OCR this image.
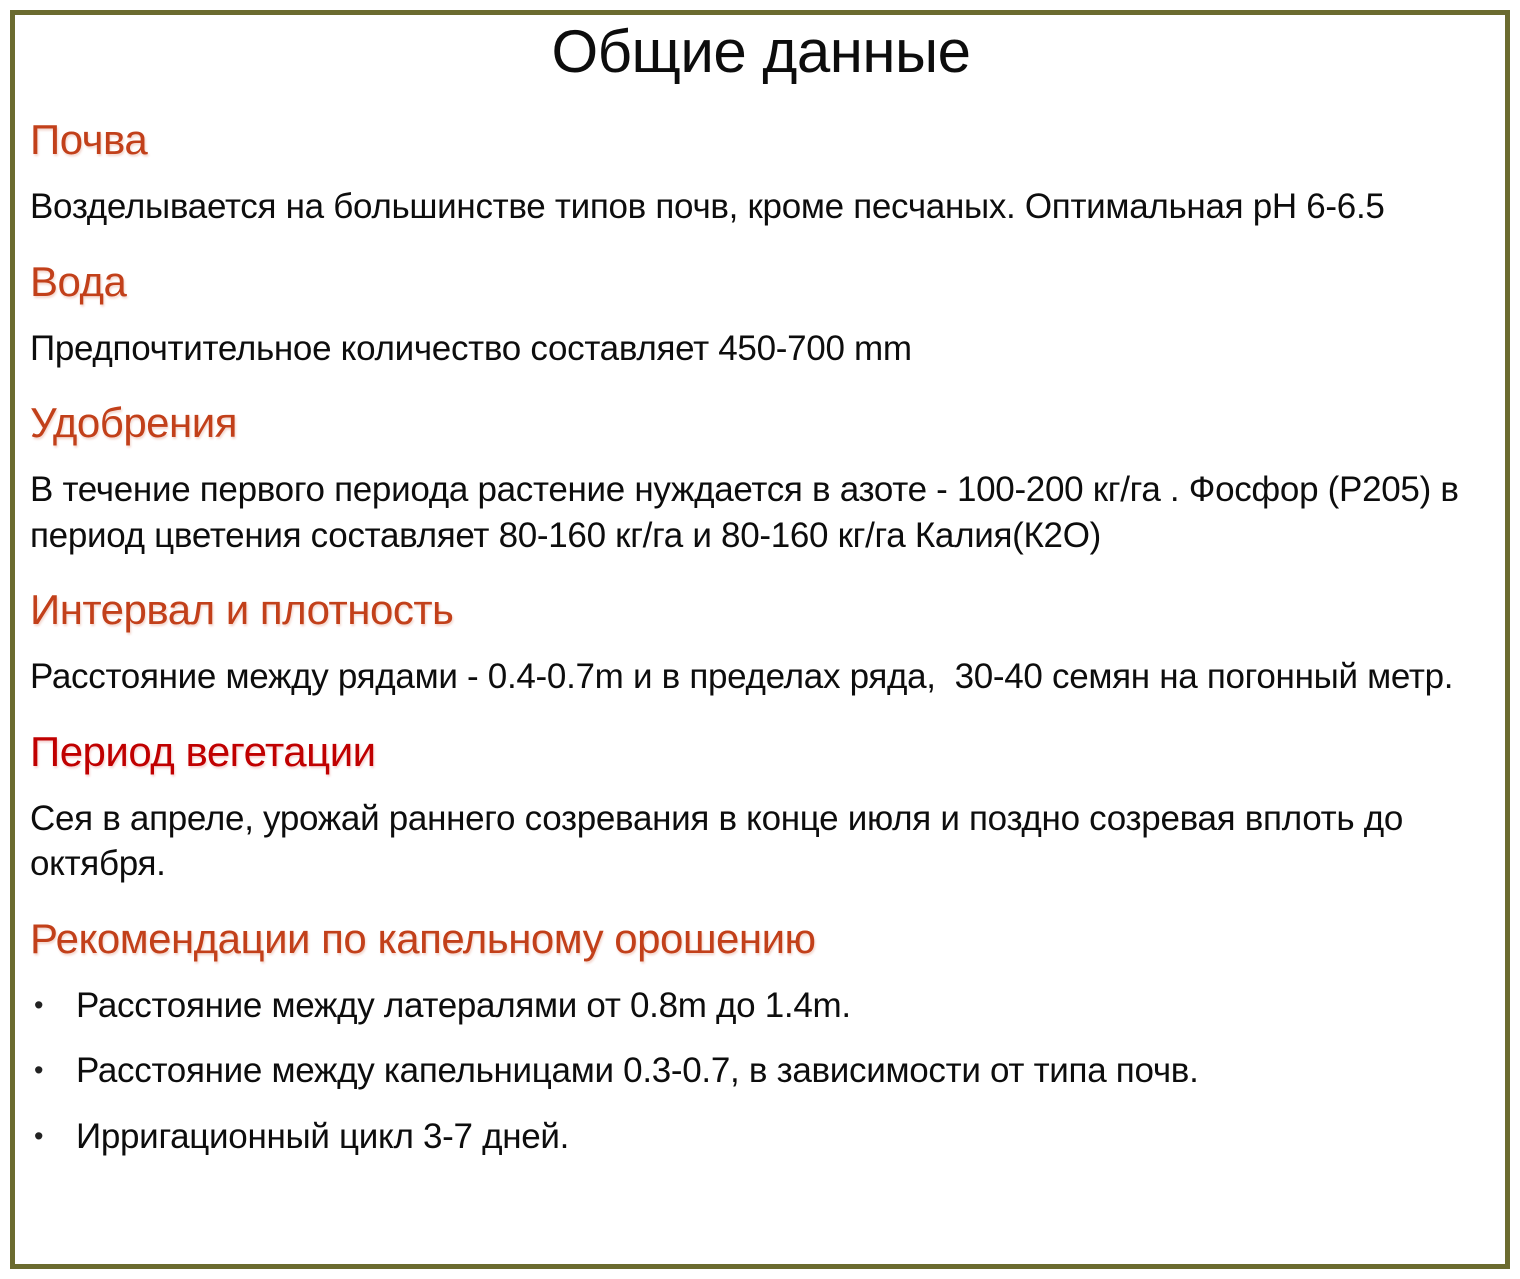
Общие данные
Почва

Возделывается на большинстве типов почв, кроме песчаных. Оптимальная pH 6-6.5

Вода

Предпочтительное количество составляет 450-700 mm

Удобрения

В течение первого периода растение нуждается в азоте - 100-200 кг/га . Фосфор (P205) в период цветения составляет 80-160 кг/га и 80-160 кг/га Калия(К2О)

Интервал и плотность

Расстояние между рядами - 0.4-0.7m и в пределах ряда,  30-40 семян на погонный метр.

Период вегетации

Сея в апреле, урожай раннего созревания в конце июля и поздно созревая вплоть до октября.

Рекомендации по капельному орошению
• Расстояние между латералями от 0.8m до 1.4m.
• Расстояние между капельницами 0.3-0.7, в зависимости от типа почв.
• Ирригационный цикл 3-7 дней.
